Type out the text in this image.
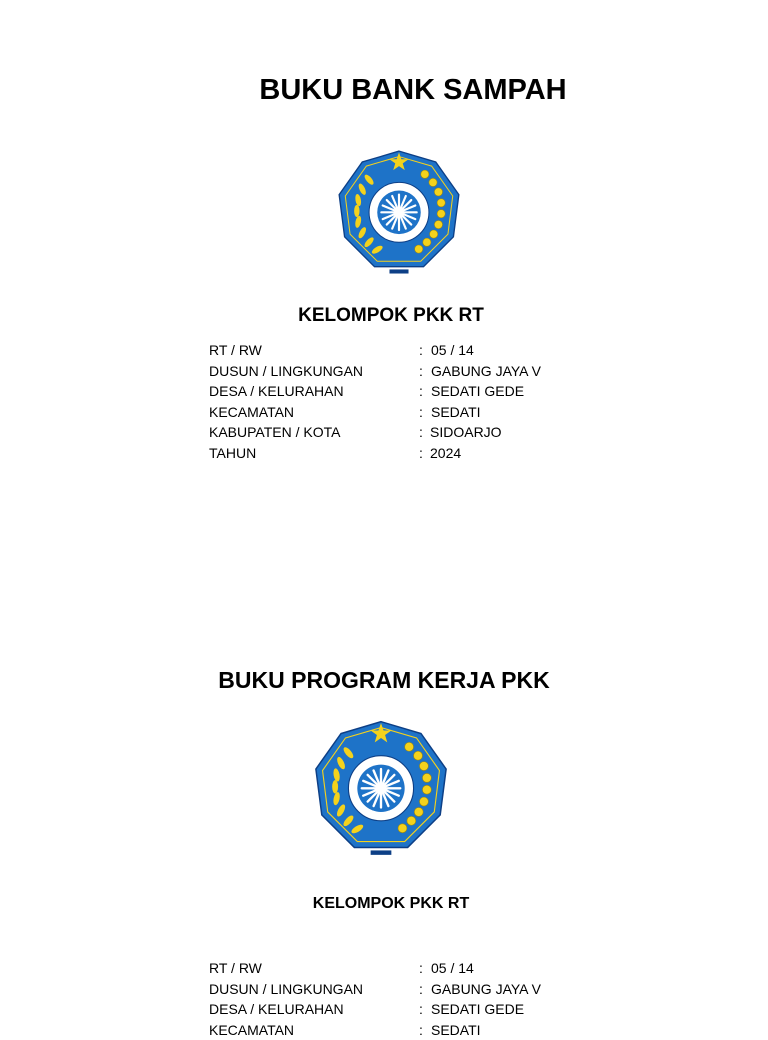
BUKU BANK SAMPAH
KELOMPOK PKK RT
RT / RW	: 05 / 14
DUSUN / LINGKUNGAN	: GABUNG JAYA V
DESA / KELURAHAN	: SEDATI GEDE
KECAMATAN	: SEDATI
KABUPATEN / KOTA	: SIDOARJO
TAHUN	: 2024
BUKU PROGRAM KERJA PKK
KELOMPOK PKK RT
RT / RW	: 05 / 14
DUSUN / LINGKUNGAN	: GABUNG JAYA V
DESA / KELURAHAN	: SEDATI GEDE
KECAMATAN	: SEDATI
